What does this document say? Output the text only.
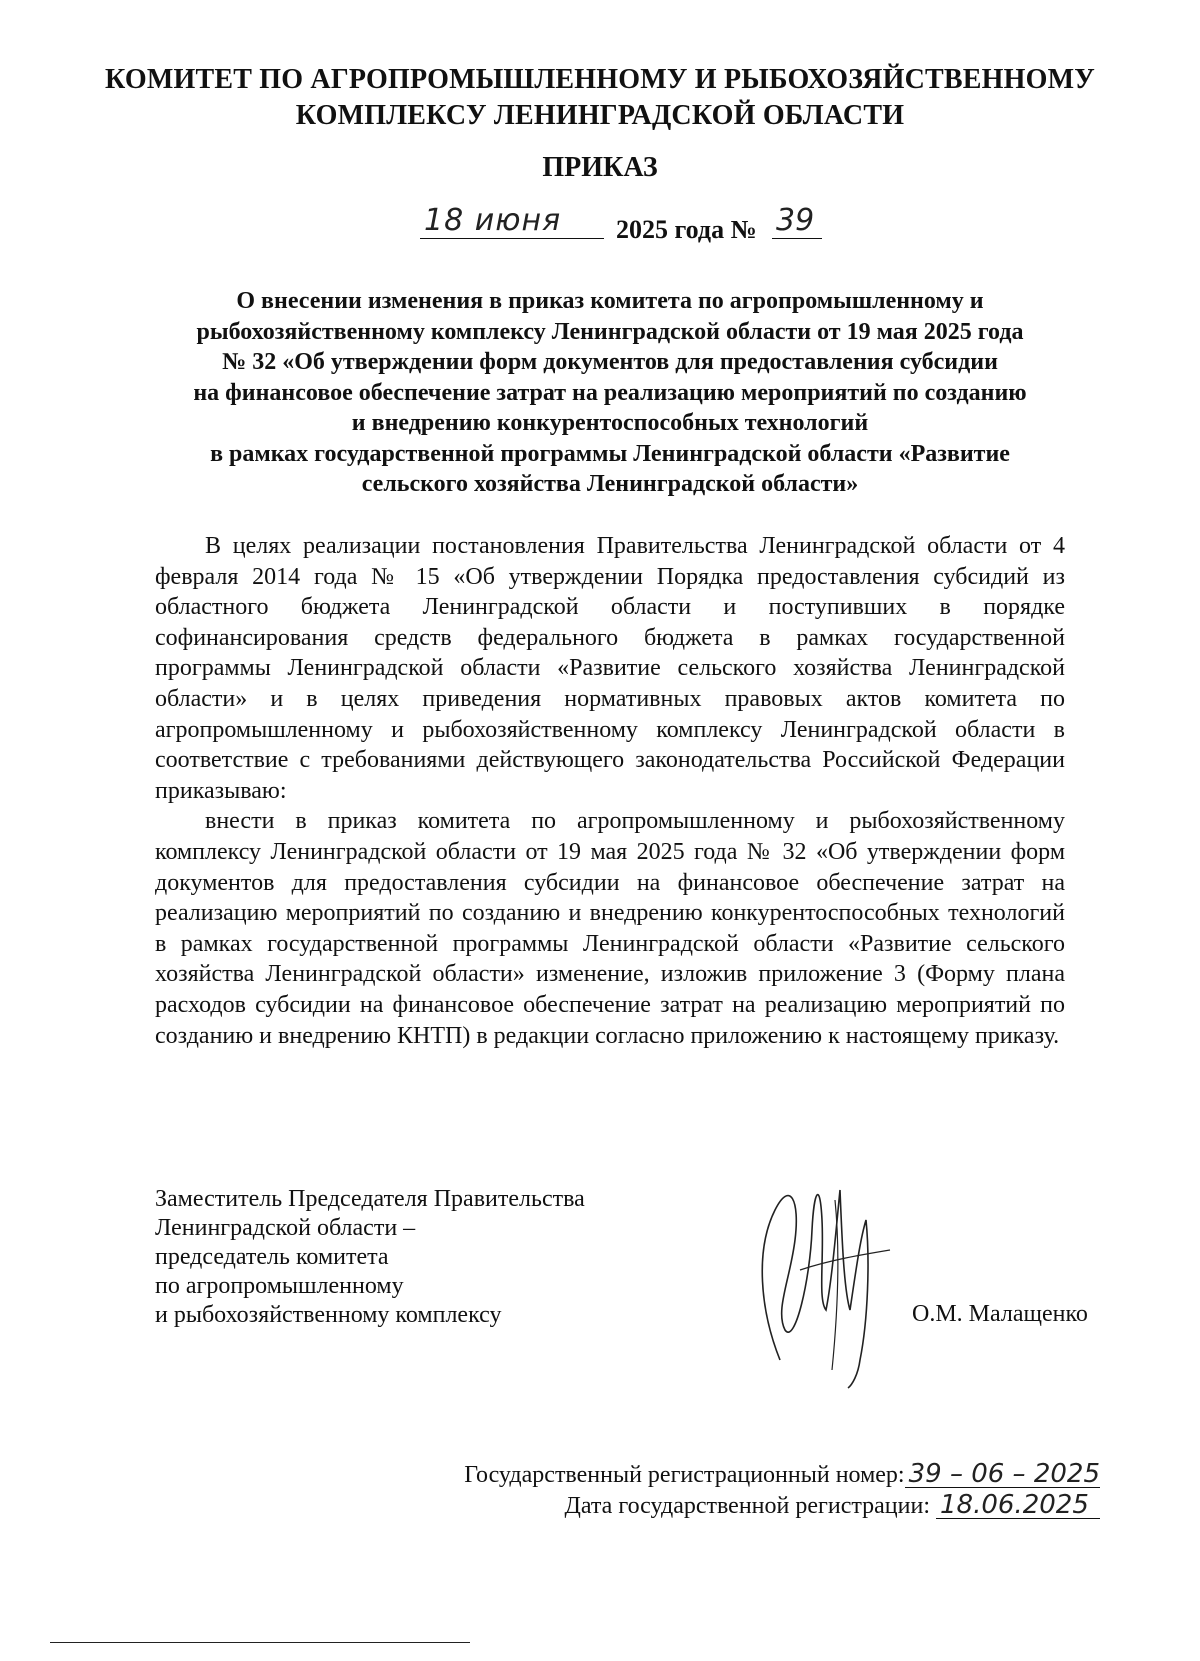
КОМИТЕТ ПО АГРОПРОМЫШЛЕННОМУ И РЫБОХОЗЯЙСТВЕННОМУ
КОМПЛЕКСУ ЛЕНИНГРАДСКОЙ ОБЛАСТИ
ПРИКАЗ
18 июня	2025 года № 39
О внесении изменения в приказ комитета по агропромышленному и
рыбохозяйственному комплексу Ленинградской области от 19 мая 2025 года
№ 32 «Об утверждении форм документов для предоставления субсидии
на финансовое обеспечение затрат на реализацию мероприятий по созданию
и внедрению конкурентоспособных технологий
в рамках государственной программы Ленинградской области «Развитие
сельского хозяйства Ленинградской области»

В целях реализации постановления Правительства Ленинградской области от 4 февраля 2014 года № 15 «Об утверждении Порядка предоставления субсидий из областного бюджета Ленинградской области и поступивших в порядке софинансирования средств федерального бюджета в рамках государственной программы Ленинградской области «Развитие сельского хозяйства Ленинградской области» и в целях приведения нормативных правовых актов комитета по агропромышленному и рыбохозяйственному комплексу Ленинградской области в соответствие с требованиями действующего законодательства Российской Федерации приказываю:

внести в приказ комитета по агропромышленному и рыбохозяйственному комплексу Ленинградской области от 19 мая 2025 года № 32 «Об утверждении форм документов для предоставления субсидии на финансовое обеспечение затрат на реализацию мероприятий по созданию и внедрению конкурентоспособных технологий в рамках государственной программы Ленинградской области «Развитие сельского хозяйства Ленинградской области» изменение, изложив приложение 3 (Форму плана расходов субсидии на финансовое обеспечение затрат на реализацию мероприятий по созданию и внедрению КНТП) в редакции согласно приложению к настоящему приказу.

Заместитель Председателя Правительства
Ленинградской области –
председатель комитета
по агропромышленному
и рыбохозяйственному комплексу	О.М. Малащенко
Государственный регистрационный номер: 39 – 06 – 2025
Дата государственной регистрации: 18.06.2025
